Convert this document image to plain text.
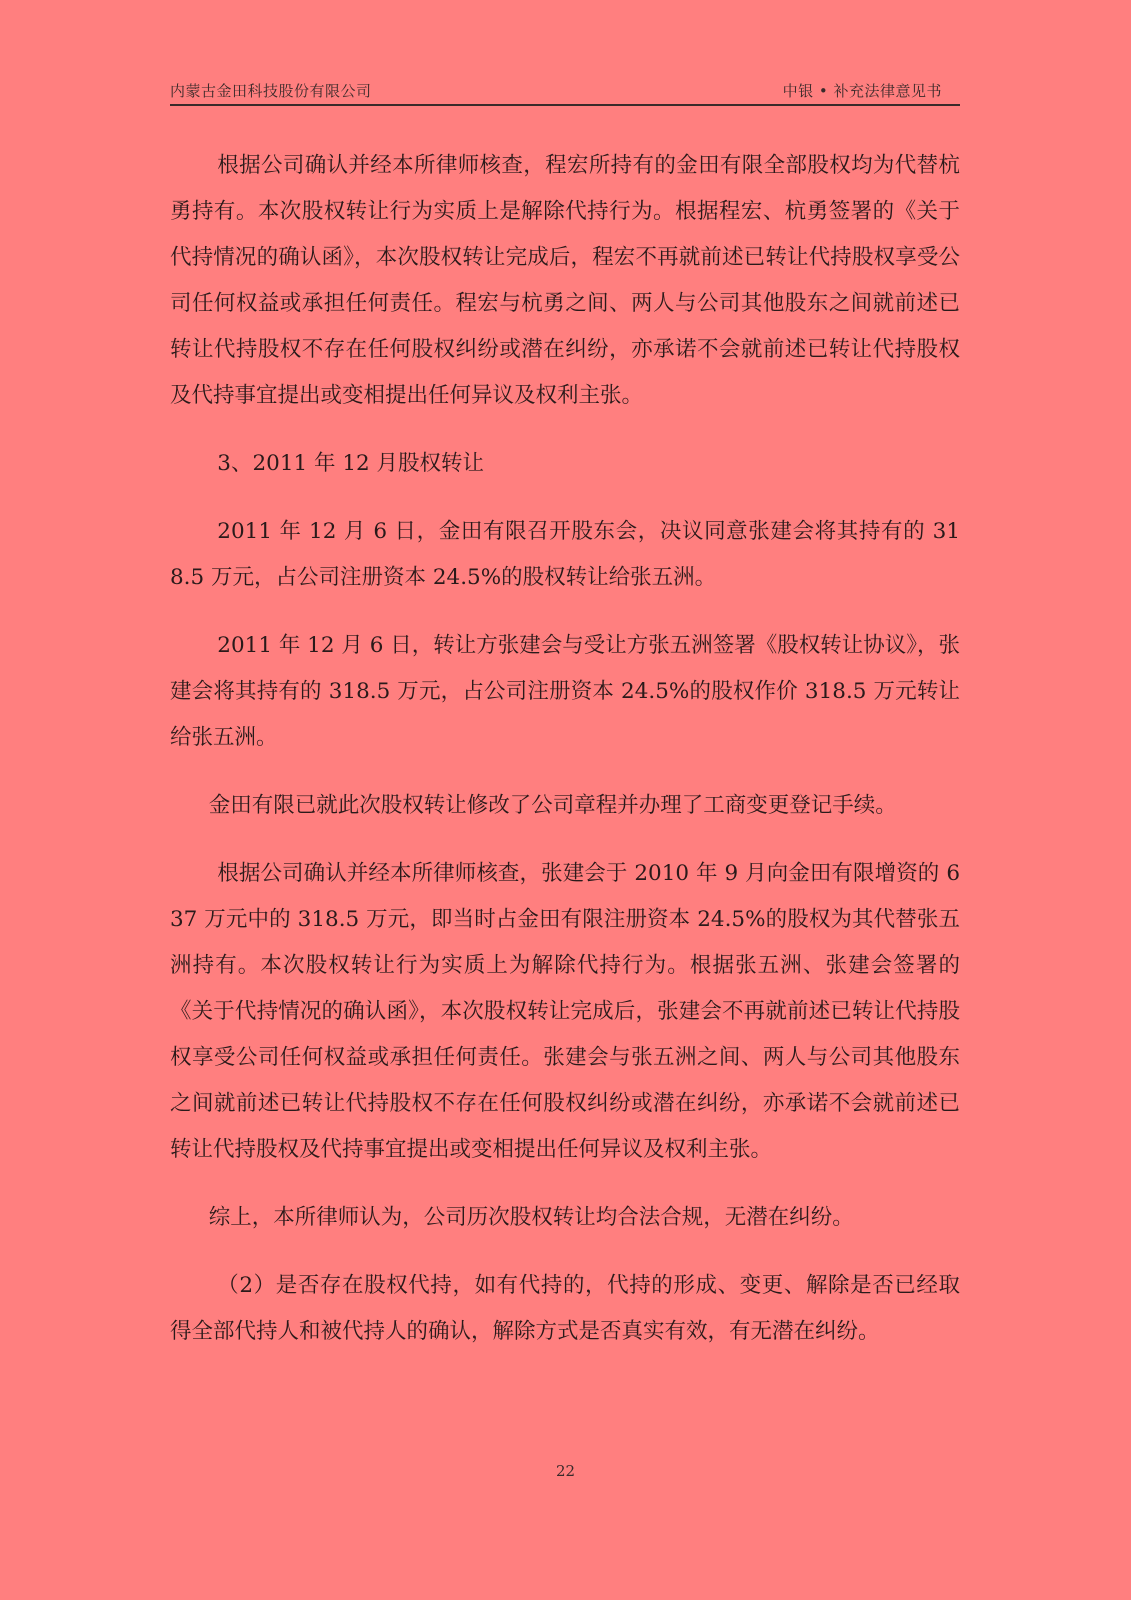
内蒙古金田科技股份有限公司	中银 • 补充法律意见书

根据公司确认并经本所律师核查，程宏所持有的金田有限全部股权均为代替杭勇持有。本次股权转让行为实质上是解除代持行为。根据程宏、杭勇签署的《关于代持情况的确认函》，本次股权转让完成后，程宏不再就前述已转让代持股权享受公司任何权益或承担任何责任。程宏与杭勇之间、两人与公司其他股东之间就前述已转让代持股权不存在任何股权纠纷或潜在纠纷，亦承诺不会就前述已转让代持股权及代持事宜提出或变相提出任何异议及权利主张。

3、2011 年 12 月股权转让

2011 年 12 月 6 日，金田有限召开股东会，决议同意张建会将其持有的 318.5 万元，占公司注册资本 24.5%的股权转让给张五洲。

2011 年 12 月 6 日，转让方张建会与受让方张五洲签署《股权转让协议》，张建会将其持有的 318.5 万元，占公司注册资本 24.5%的股权作价 318.5 万元转让给张五洲。

金田有限已就此次股权转让修改了公司章程并办理了工商变更登记手续。

根据公司确认并经本所律师核查，张建会于 2010 年 9 月向金田有限增资的 637 万元中的 318.5 万元，即当时占金田有限注册资本 24.5%的股权为其代替张五洲持有。本次股权转让行为实质上为解除代持行为。根据张五洲、张建会签署的《关于代持情况的确认函》，本次股权转让完成后，张建会不再就前述已转让代持股权享受公司任何权益或承担任何责任。张建会与张五洲之间、两人与公司其他股东之间就前述已转让代持股权不存在任何股权纠纷或潜在纠纷，亦承诺不会就前述已转让代持股权及代持事宜提出或变相提出任何异议及权利主张。

综上，本所律师认为，公司历次股权转让均合法合规，无潜在纠纷。

（2）是否存在股权代持，如有代持的，代持的形成、变更、解除是否已经取得全部代持人和被代持人的确认，解除方式是否真实有效，有无潜在纠纷。

22
